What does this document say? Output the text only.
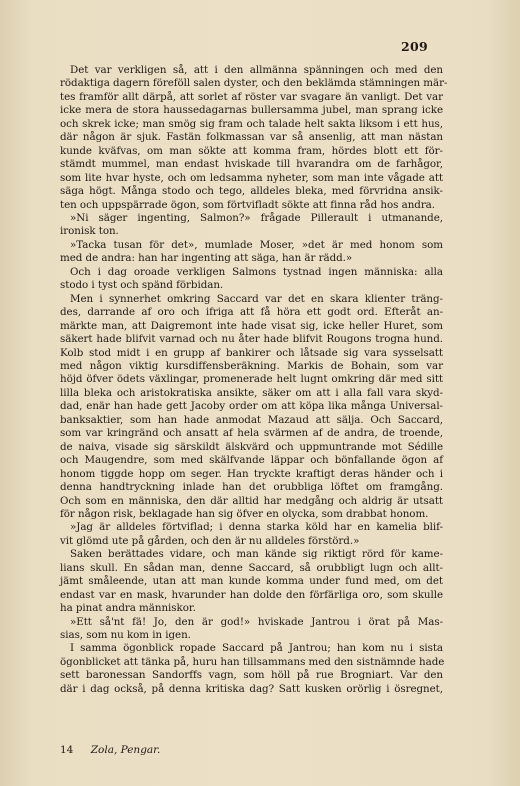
209
Det var verkligen så, att i den allmänna spänningen och med den
rödaktiga dagern föreföll salen dyster, och den beklämda stämningen mär-
tes framför allt därpå, att sorlet af röster var svagare än vanligt. Det var
icke mera de stora haussedagarnas bullersamma jubel, man sprang icke
och skrek icke; man smög sig fram och talade helt sakta liksom i ett hus,
där någon är sjuk. Fastän folkmassan var så ansenlig, att man nästan
kunde kväfvas, om man sökte att komma fram, hördes blott ett för-
stämdt mummel, man endast hviskade till hvarandra om de farhågor,
som lite hvar hyste, och om ledsamma nyheter, som man inte vågade att
säga högt. Många stodo och tego, alldeles bleka, med förvridna ansik-
ten och uppspärrade ögon, som förtvifladt sökte att finna råd hos andra.
»Ni säger ingenting, Salmon?» frågade Pillerault i utmanande,
ironisk ton.
»Tacka tusan för det», mumlade Moser, »det är med honom som
med de andra: han har ingenting att säga, han är rädd.»
Och i dag oroade verkligen Salmons tystnad ingen människa: alla
stodo i tyst och spänd förbidan.
Men i synnerhet omkring Saccard var det en skara klienter träng-
des, darrande af oro och ifriga att få höra ett godt ord. Efteråt an-
märkte man, att Daigremont inte hade visat sig, icke heller Huret, som
säkert hade blifvit varnad och nu åter hade blifvit Rougons trogna hund.
Kolb stod midt i en grupp af bankirer och låtsade sig vara sysselsatt
med någon viktig kursdiffensberäkning. Markis de Bohain, som var
höjd öfver ödets växlingar, promenerade helt lugnt omkring där med sitt
lilla bleka och aristokratiska ansikte, säker om att i alla fall vara skyd-
dad, enär han hade gett Jacoby order om att köpa lika många Universal-
banksaktier, som han hade anmodat Mazaud att sälja. Och Saccard,
som var kringränd och ansatt af hela svärmen af de andra, de troende,
de naiva, visade sig särskildt älskvärd och uppmuntrande mot Sédille
och Maugendre, som med skälfvande läppar och bönfallande ögon af
honom tiggde hopp om seger. Han tryckte kraftigt deras händer och i
denna handtryckning inlade han det orubbliga löftet om framgång.
Och som en människa, den där alltid har medgång och aldrig är utsatt
för någon risk, beklagade han sig öfver en olycka, som drabbat honom.
»Jag är alldeles förtviflad; i denna starka köld har en kamelia blif-
vit glömd ute på gården, och den är nu alldeles förstörd.»
Saken berättades vidare, och man kände sig riktigt rörd för kame-
lians skull. En sådan man, denne Saccard, så orubbligt lugn och allt-
jämt småleende, utan att man kunde komma under fund med, om det
endast var en mask, hvarunder han dolde den förfärliga oro, som skulle
ha pinat andra människor.
»Ett så'nt fä! Jo, den är god!» hviskade Jantrou i örat på Mas-
sias, som nu kom in igen.
I samma ögonblick ropade Saccard på Jantrou; han kom nu i sista
ögonblicket att tänka på, huru han tillsammans med den sistnämnde hade
sett baronessan Sandorffs vagn, som höll på rue Brogniart. Var den
där i dag också, på denna kritiska dag? Satt kusken orörlig i ösregnet,
14 Zola, Pengar.
